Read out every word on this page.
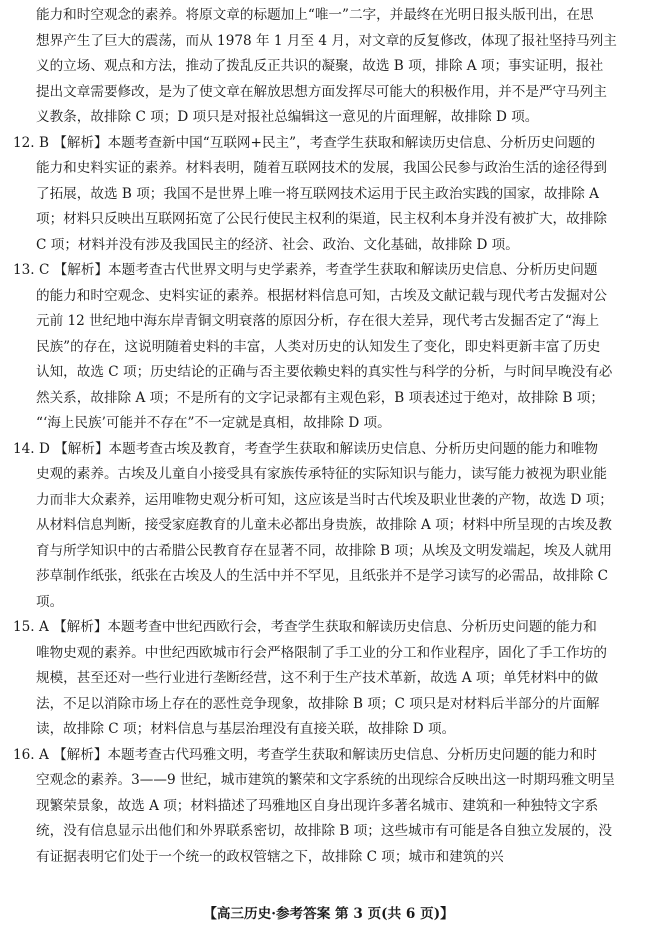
能力和时空观念的素养。将原文章的标题加上“唯一”二字，并最终在光明日报头版刊出，在思
想界产生了巨大的震荡，而从 1978 年 1 月至 4 月，对文章的反复修改，体现了报社坚持马列主
义的立场、观点和方法，推动了拨乱反正共识的凝聚，故选 B 项，排除 A 项；事实证明，报社
提出文章需要修改，是为了使文章在解放思想方面发挥尽可能大的积极作用，并不是严守马列主
义教条，故排除 C 项；D 项只是对报社总编辑这一意见的片面理解，故排除 D 项。
12. B 【解析】本题考查新中国“互联网+民主”，考查学生获取和解读历史信息、分析历史问题的
能力和史料实证的素养。材料表明，随着互联网技术的发展，我国公民参与政治生活的途径得到
了拓展，故选 B 项；我国不是世界上唯一将互联网技术运用于民主政治实践的国家，故排除 A
项；材料只反映出互联网拓宽了公民行使民主权利的渠道，民主权利本身并没有被扩大，故排除
C 项；材料并没有涉及我国民主的经济、社会、政治、文化基础，故排除 D 项。
13. C 【解析】本题考查古代世界文明与史学素养，考查学生获取和解读历史信息、分析历史问题
的能力和时空观念、史料实证的素养。根据材料信息可知，古埃及文献记载与现代考古发掘对公
元前 12 世纪地中海东岸青铜文明衰落的原因分析，存在很大差异，现代考古发掘否定了“海上
民族”的存在，这说明随着史料的丰富，人类对历史的认知发生了变化，即史料更新丰富了历史
认知，故选 C 项；历史结论的正确与否主要依赖史料的真实性与科学的分析，与时间早晚没有必
然关系，故排除 A 项；不是所有的文字记录都有主观色彩，B 项表述过于绝对，故排除 B 项；
“‘海上民族’可能并不存在”不一定就是真相，故排除 D 项。
14. D 【解析】本题考查古埃及教育，考查学生获取和解读历史信息、分析历史问题的能力和唯物
史观的素养。古埃及儿童自小接受具有家族传承特征的实际知识与能力，读写能力被视为职业能
力而非大众素养，运用唯物史观分析可知，这应该是当时古代埃及职业世袭的产物，故选 D 项；
从材料信息判断，接受家庭教育的儿童未必都出身贵族，故排除 A 项；材料中所呈现的古埃及教
育与所学知识中的古希腊公民教育存在显著不同，故排除 B 项；从埃及文明发端起，埃及人就用
莎草制作纸张，纸张在古埃及人的生活中并不罕见，且纸张并不是学习读写的必需品，故排除 C
项。
15. A 【解析】本题考查中世纪西欧行会，考查学生获取和解读历史信息、分析历史问题的能力和
唯物史观的素养。中世纪西欧城市行会严格限制了手工业的分工和作业程序，固化了手工作坊的
规模，甚至还对一些行业进行垄断经营，这不利于生产技术革新，故选 A 项；单凭材料中的做
法，不足以消除市场上存在的恶性竞争现象，故排除 B 项；C 项只是对材料后半部分的片面解
读，故排除 C 项；材料信息与基层治理没有直接关联，故排除 D 项。
16. A 【解析】本题考查古代玛雅文明，考查学生获取和解读历史信息、分析历史问题的能力和时
空观念的素养。3——9 世纪，城市建筑的繁荣和文字系统的出现综合反映出这一时期玛雅文明呈
现繁荣景象，故选 A 项；材料描述了玛雅地区自身出现许多著名城市、建筑和一种独特文字系
统，没有信息显示出他们和外界联系密切，故排除 B 项；这些城市有可能是各自独立发展的，没
有证据表明它们处于一个统一的政权管辖之下，故排除 C 项；城市和建筑的兴
【高三历史·参考答案 第 3 页(共 6 页)】
